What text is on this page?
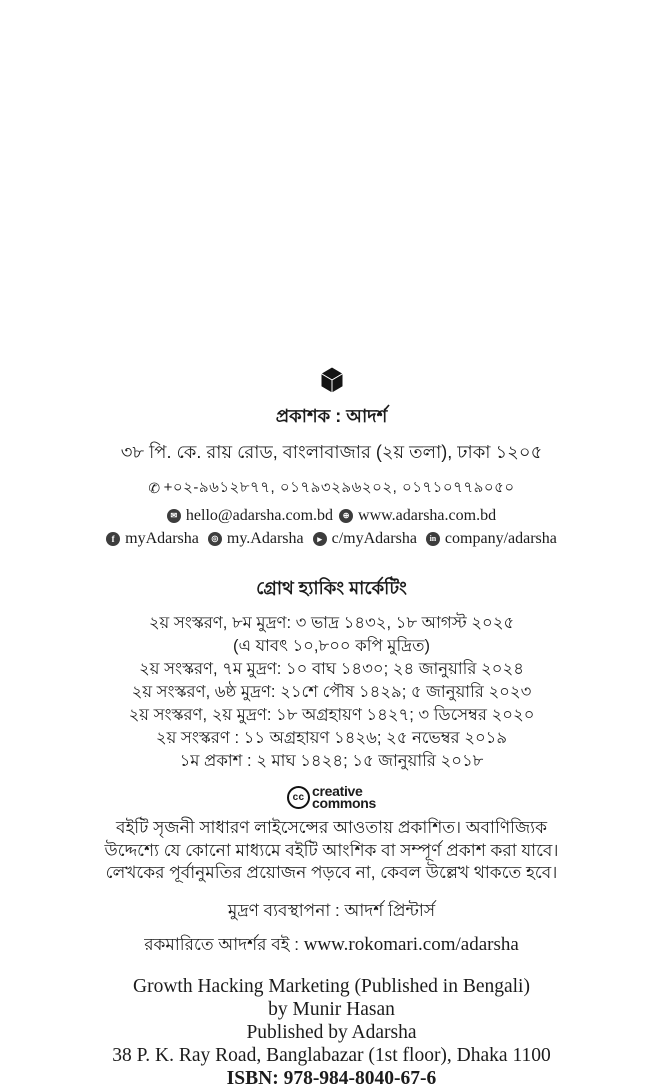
প্রকাশক : আদর্শ
৩৮ পি. কে. রায় রোড, বাংলাবাজার (২য় তলা), ঢাকা ১২০৫
✆ +০২-৯৬১২৮৭৭, ০১৭৯৩২৯৬২০২, ০১৭১০৭৭৯০৫০
✉ hello@adarsha.com.bd	⊕ www.adarsha.com.bd
f myAdarsha	◎ my.Adarsha	▸ c/myAdarsha	in company/adarsha
গ্রোথ হ্যাকিং মার্কেটিং
২য় সংস্করণ, ৮ম মুদ্রণ: ৩ ভাদ্র ১৪৩২, ১৮ আগস্ট ২০২৫
(এ যাবৎ ১০,৮০০ কপি মুদ্রিত)
২য় সংস্করণ, ৭ম মুদ্রণ: ১০ বাঘ ১৪৩০; ২৪ জানুয়ারি ২০২৪
২য় সংস্করণ, ৬ষ্ঠ মুদ্রণ: ২১শে পৌষ ১৪২৯; ৫ জানুয়ারি ২০২৩
২য় সংস্করণ, ২য় মুদ্রণ: ১৮ অগ্রহায়ণ ১৪২৭; ৩ ডিসেম্বর ২০২০
২য় সংস্করণ : ১১ অগ্রহায়ণ ১৪২৬; ২৫ নভেম্বর ২০১৯
১ম প্রকাশ : ২ মাঘ ১৪২৪; ১৫ জানুয়ারি ২০১৮
cc creative
commons
বইটি সৃজনী সাধারণ লাইসেন্সের আওতায় প্রকাশিত। অবাণিজ্যিক উদ্দেশ্যে যে কোনো মাধ্যমে বইটি আংশিক বা সম্পূর্ণ প্রকাশ করা যাবে। লেখকের পূর্বানুমতির প্রয়োজন পড়বে না, কেবল উল্লেখ থাকতে হবে।
মুদ্রণ ব্যবস্থাপনা : আদর্শ প্রিন্টার্স
রকমারিতে আদর্শর বই : www.rokomari.com/adarsha
Growth Hacking Marketing (Published in Bengali)
by Munir Hasan
Published by Adarsha
38 P. K. Ray Road, Banglabazar (1st floor), Dhaka 1100
ISBN: 978-984-8040-67-6
